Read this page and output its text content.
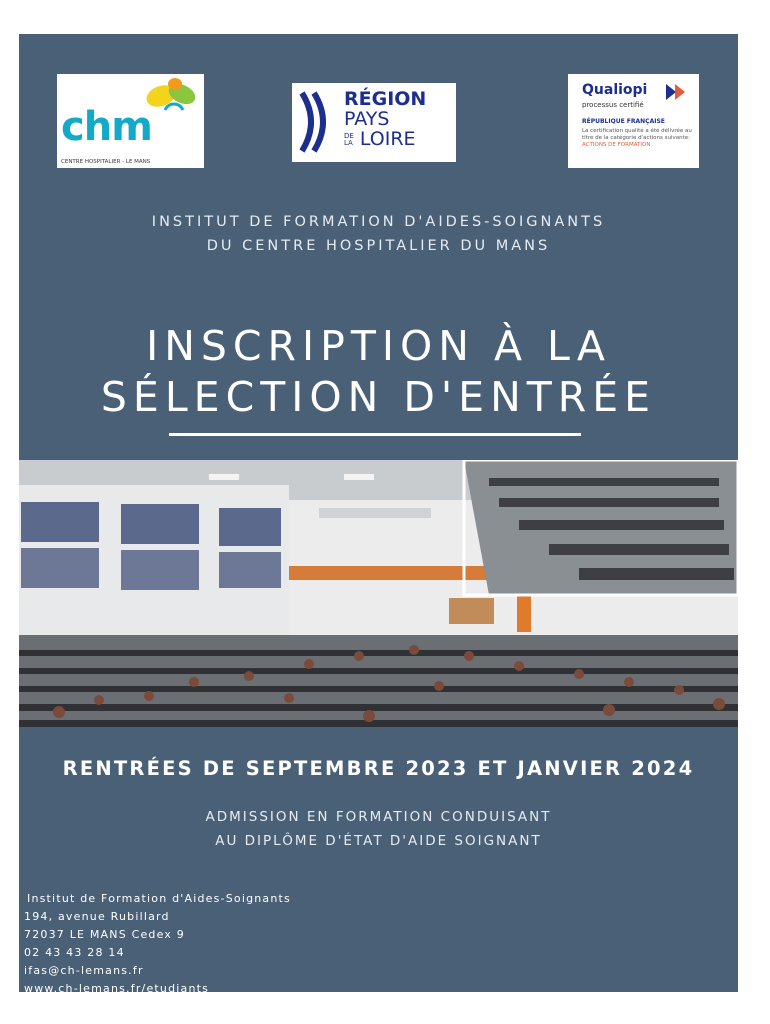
chm
CENTRE HOSPITALIER - LE MANS
RÉGION
PAYS
DE
LA LOIRE
Qualiopi
processus certifié
RÉPUBLIQUE FRANÇAISE
La certification qualité a été délivrée au titre de la catégorie d'actions suivante:
ACTIONS DE FORMATION
INSTITUT DE FORMATION D'AIDES-SOIGNANTS
DU CENTRE HOSPITALIER DU MANS
INSCRIPTION À LA
SÉLECTION D'ENTRÉE
RENTRÉES DE SEPTEMBRE 2023 ET JANVIER 2024
ADMISSION EN FORMATION CONDUISANT
AU DIPLÔME D'ÉTAT D'AIDE SOIGNANT
Institut de Formation d'Aides-Soignants
194, avenue Rubillard
72037 LE MANS Cedex 9
02 43 43 28 14
ifas@ch-lemans.fr
www.ch-lemans.fr/etudiants
